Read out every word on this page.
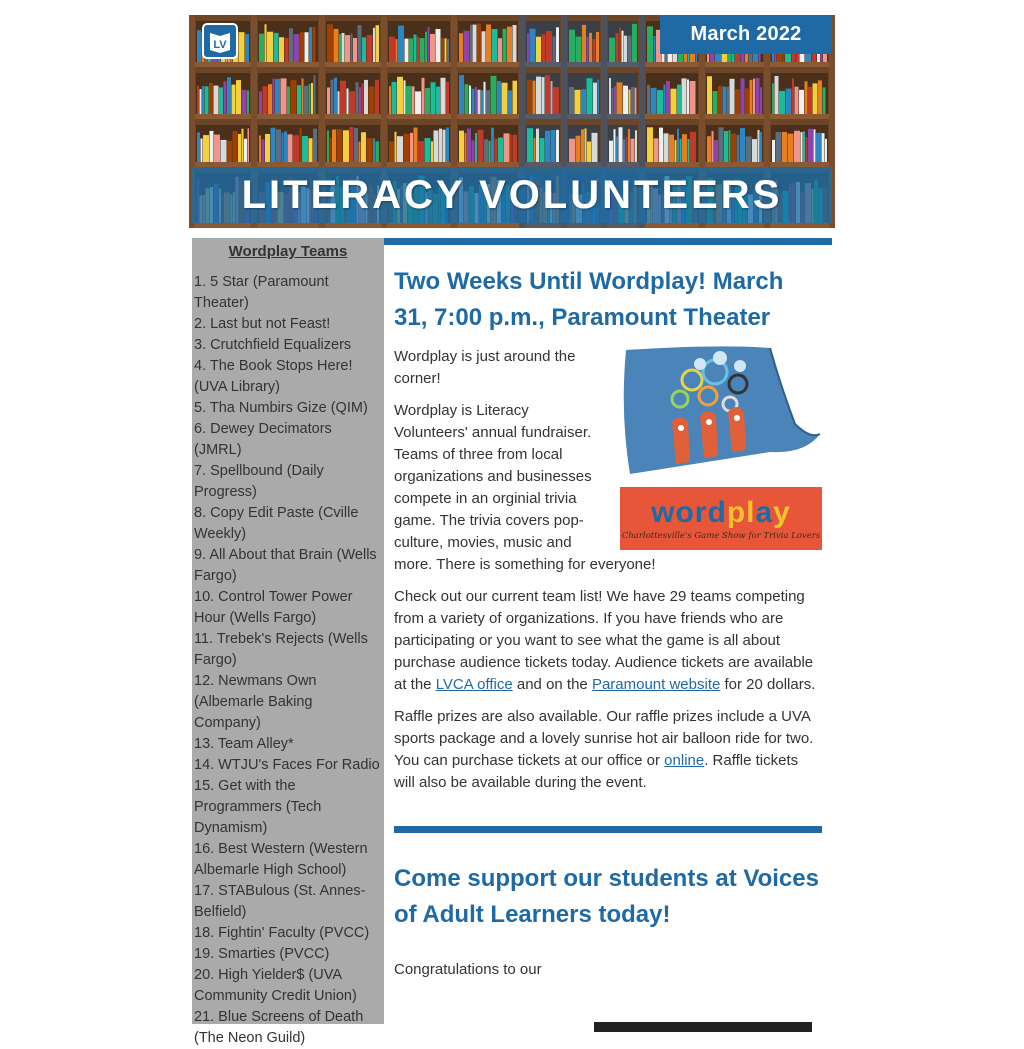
LV	March 2022
LITERACY VOLUNTEERS
Wordplay Teams
1. 5 Star (Paramount Theater)
2. Last but not Feast!
3. Crutchfield Equalizers
4. The Book Stops Here! (UVA Library)
5. Tha Numbirs Gize (QIM)
6. Dewey Decimators (JMRL)
7. Spellbound (Daily Progress)
8. Copy Edit Paste (Cville Weekly)
9. All About that Brain (Wells Fargo)
10. Control Tower Power Hour (Wells Fargo)
11. Trebek's Rejects (Wells Fargo)
12. Newmans Own (Albemarle Baking Company)
13. Team Alley*
14. WTJU's Faces For Radio
15. Get with the Programmers (Tech Dynamism)
16. Best Western (Western Albemarle High School)
17. STABulous (St. Annes-Belfield)
18. Fightin' Faculty (PVCC)
19. Smarties (PVCC)
20. High Yielder$ (UVA Community Credit Union)
21. Blue Screens of Death (The Neon Guild)
Two Weeks Until Wordplay! March 31, 7:00 p.m., Paramount Theater
wordplay
Charlottesville's Game Show for Trivia Lovers

Wordplay is just around the corner!

Wordplay is Literacy Volunteers' annual fundraiser. Teams of three from local organizations and businesses compete in an orginial trivia game. The trivia covers pop-culture, movies, music and more. There is something for everyone!

Check out our current team list! We have 29 teams competing from a variety of organizations. If you have friends who are participating or you want to see what the game is all about purchase audience tickets today. Audience tickets are available at the LVCA office and on the Paramount website for 20 dollars.

Raffle prizes are also available. Our raffle prizes include a UVA sports package and a lovely sunrise hot air balloon ride for two. You can purchase tickets at our office or online. Raffle tickets will also be available during the event.

Come support our students at Voices of Adult Learners today!

Congratulations to our
